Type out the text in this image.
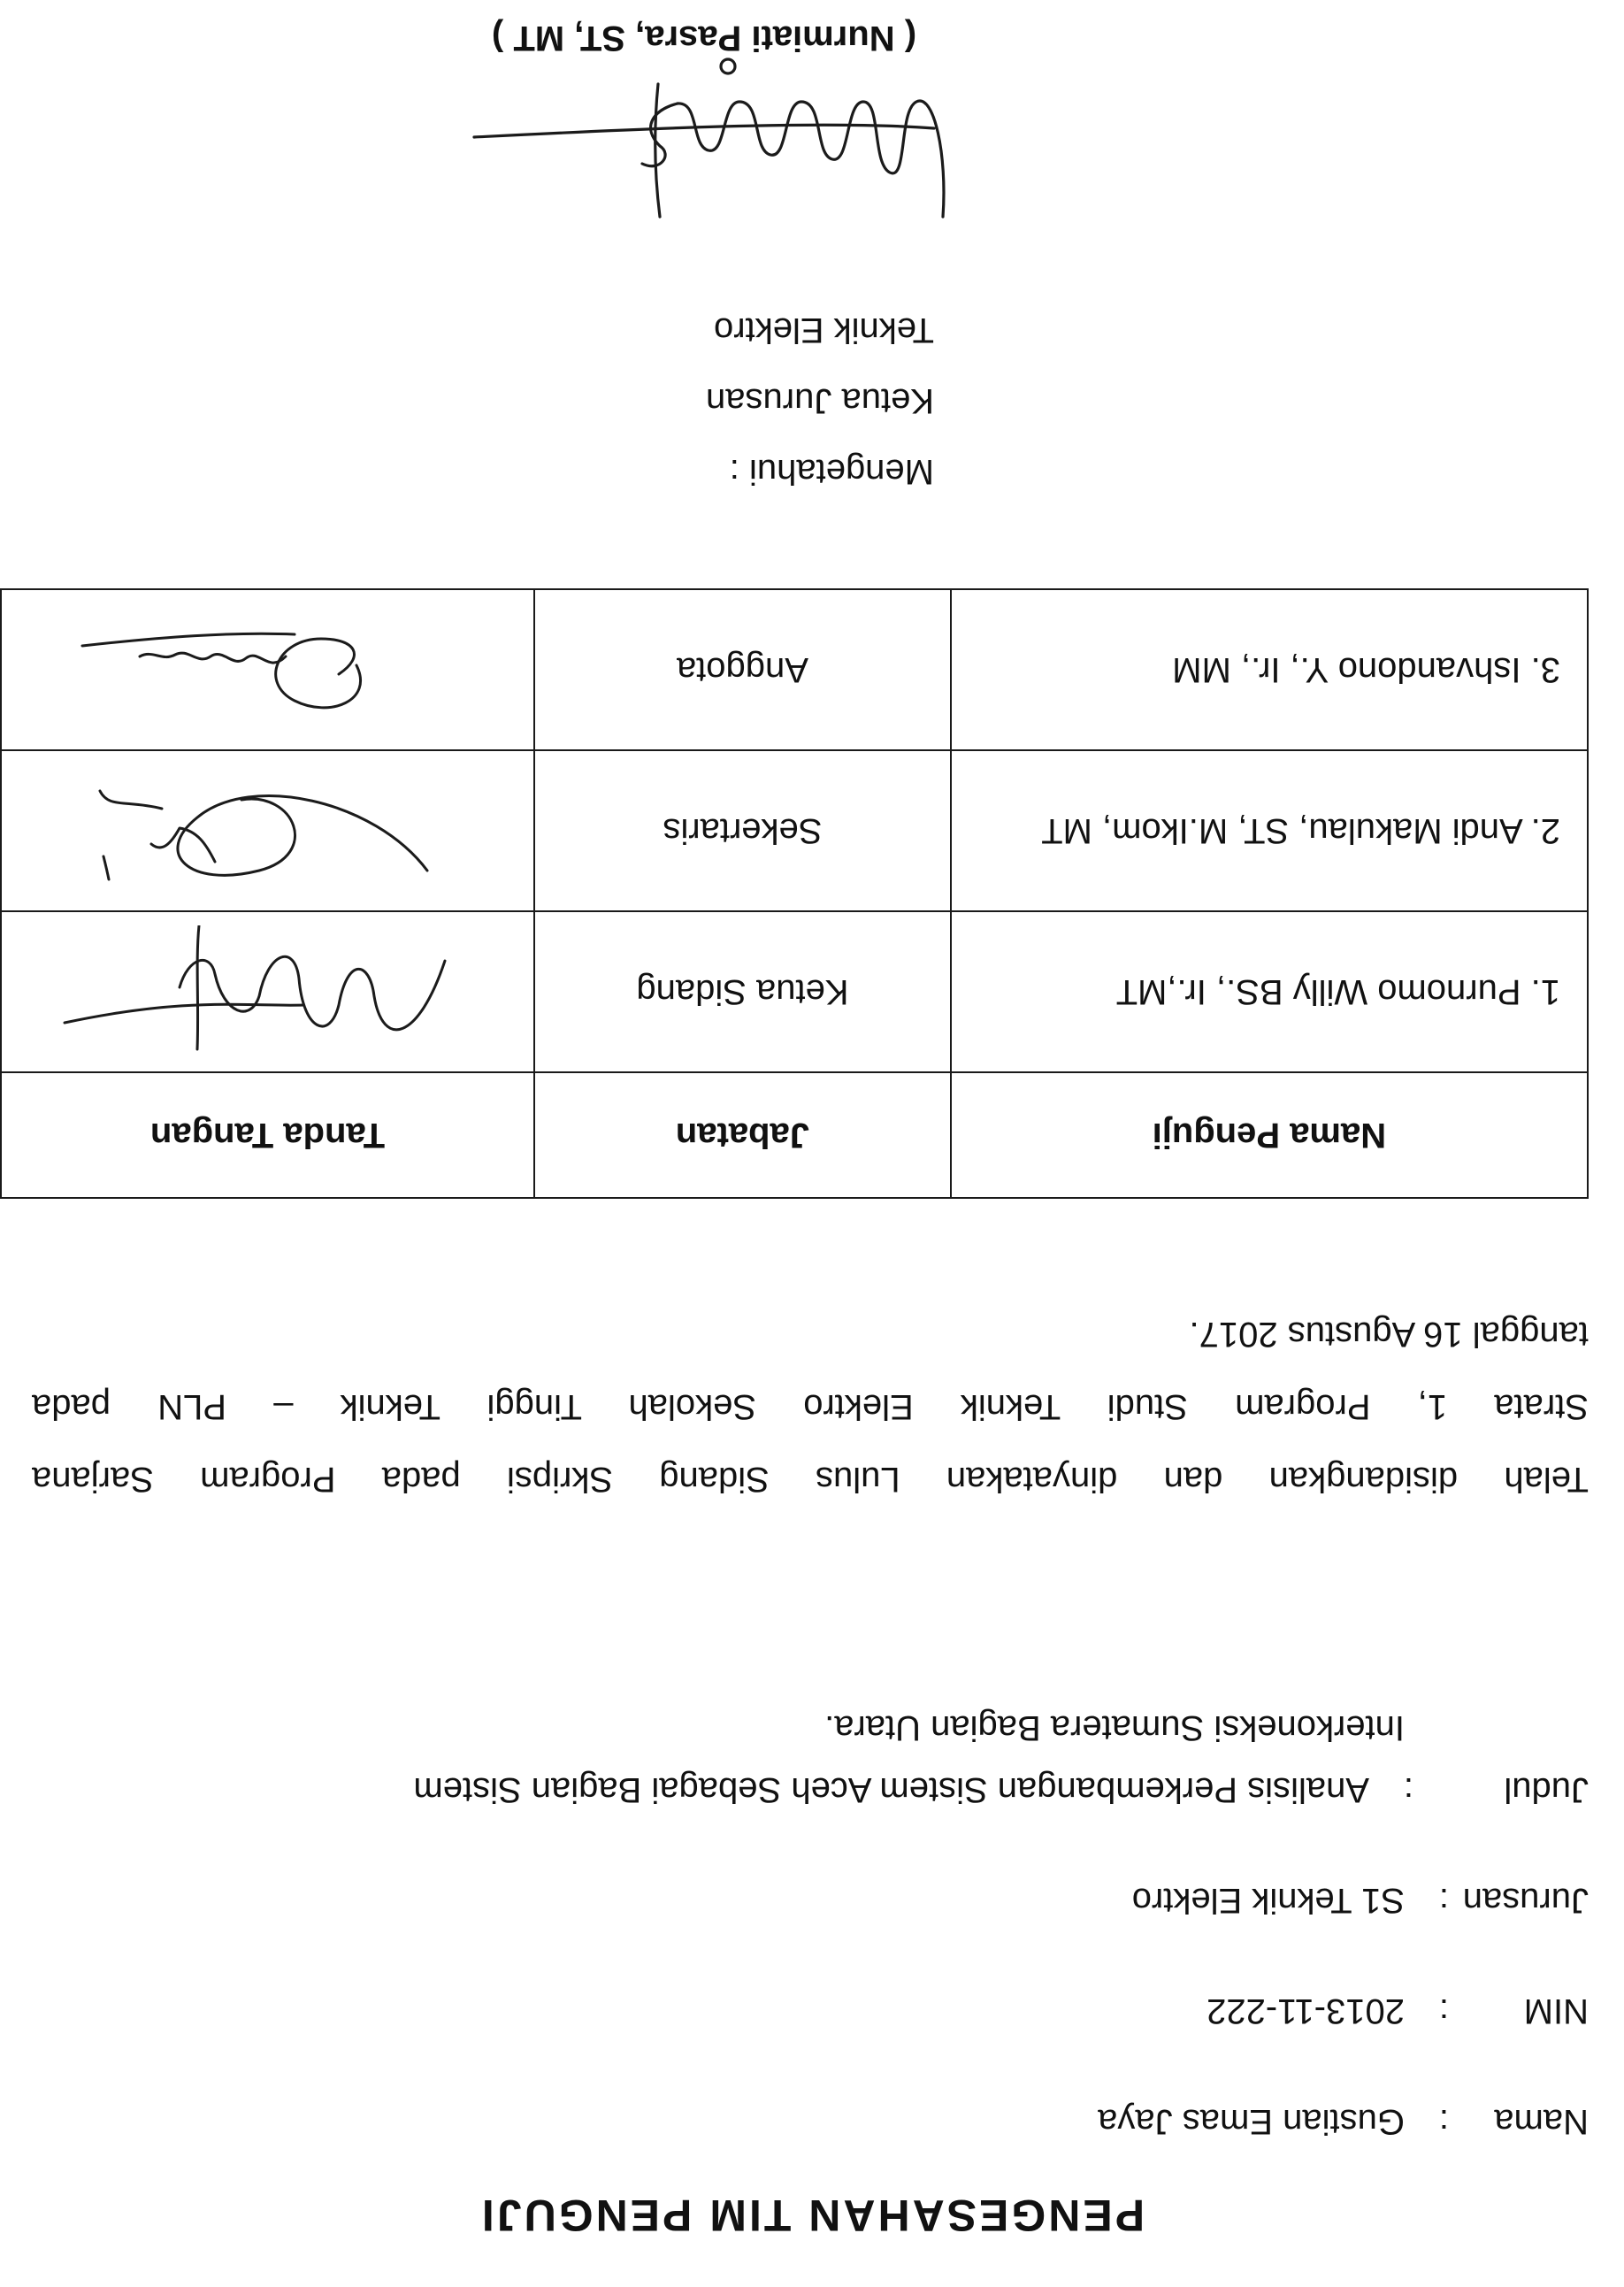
PENGESAHAN TIM PENGUJI
Nama
:
Gustian Emas Jaya
NIM
:
2013-11-222
Jurusan
:
S1 Teknik Elektro
Judul
:
Analisis Perkembangan Sistem Aceh Sebagai Bagian Sistem
Interkoneksi Sumatera Bagian Utara.
Telah disidangkan dan dinyatakan Lulus Sidang Skripsi pada Program Sarjana
Strata 1, Program Studi Teknik Elektro Sekolah Tinggi Teknik – PLN pada
tanggal 16 Agustus 2017.
Nama Penguji	Jabatan	Tanda Tangan
1. Purnomo Willy BS., Ir.,MT	Ketua Sidang	

2. Andi Makulau, ST, M.Ikom, MT	Sekertaris	

3. Ishvandono Y., Ir., MM	Anggota	
Mengetahui :
Ketua Jurusan
Teknik Elektro
( Nurmiati Pasra, ST, MT )
